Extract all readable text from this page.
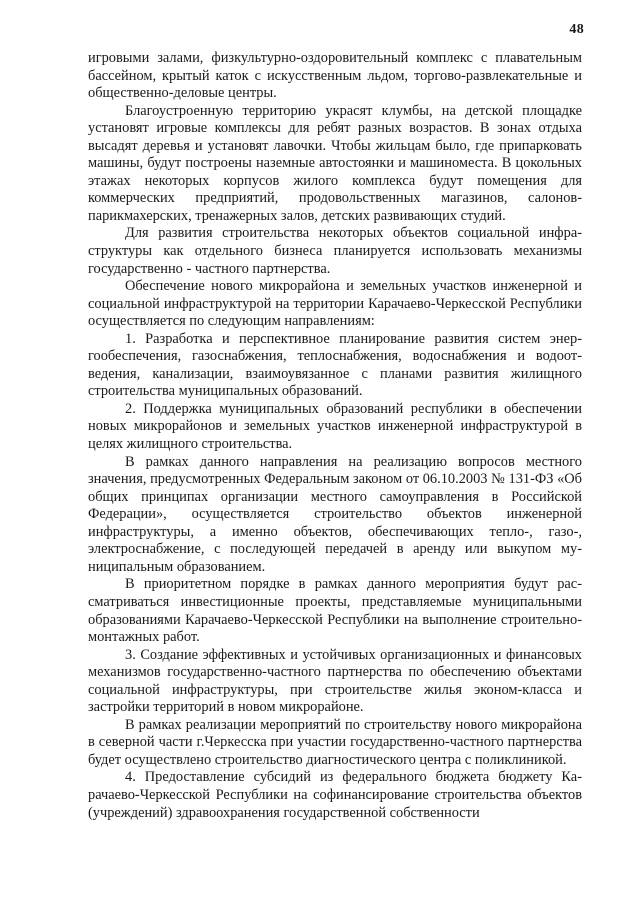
48

игровыми залами, физкультурно-оздоровительный комплекс с плавательным бассейном, крытый каток с искусственным льдом, торгово-развлекательные и общественно-деловые центры.

Благоустроенную территорию украсят клумбы, на детской площадке установят игровые комплексы для ребят разных возрастов. В зонах отдыха высадят деревья и установят лавочки. Чтобы жильцам было, где припарковать машины, будут построены наземные автостоянки и машиноместа. В цокольных этажах некоторых корпусов жилого комплекса будут помещения для коммерческих предприятий, продовольственных магазинов, салонов-парикмахерских, тренажерных залов, детских развивающих студий.

Для развития строительства некоторых объектов социальной инфраструктуры как отдельного бизнеса планируется использовать механизмы государственно - частного партнерства.

Обеспечение нового микрорайона и земельных участков инженерной и социальной инфраструктурой на территории Карачаево-Черкесской Республики осуществляется по следующим направлениям:

1. Разработка и перспективное планирование развития систем энергообеспечения, газоснабжения, теплоснабжения, водоснабжения и водоотведения, канализации, взаимоувязанное с планами развития жилищного строительства муниципальных образований.

2. Поддержка муниципальных образований республики в обеспечении новых микрорайонов и земельных участков инженерной инфраструктурой в целях жилищного строительства.

В рамках данного направления на реализацию вопросов местного значения, предусмотренных Федеральным законом от 06.10.2003 № 131-ФЗ «Об общих принципах организации местного самоуправления в Российской Федерации», осуществляется строительство объектов инженерной инфраструктуры, а именно объектов, обеспечивающих тепло-, газо-, электроснабжение, с последующей передачей в аренду или выкупом муниципальным образованием.

В приоритетном порядке в рамках данного мероприятия будут рассматриваться инвестиционные проекты, представляемые муниципальными образованиями Карачаево-Черкесской Республики на выполнение строительно-монтажных работ.

3. Создание эффективных и устойчивых организационных и финансовых механизмов государственно-частного партнерства по обеспечению объектами социальной инфраструктуры, при строительстве жилья эконом-класса и застройки территорий в новом микрорайоне.

В рамках реализации мероприятий по строительству нового микрорайона в северной части г.Черкесска при участии государственно-частного партнерства будет осуществлено строительство диагностического центра с поликлиникой.

4. Предоставление субсидий из федерального бюджета бюджету Карачаево-Черкесской Республики на софинансирование строительства объектов (учреждений) здравоохранения государственной собственности
